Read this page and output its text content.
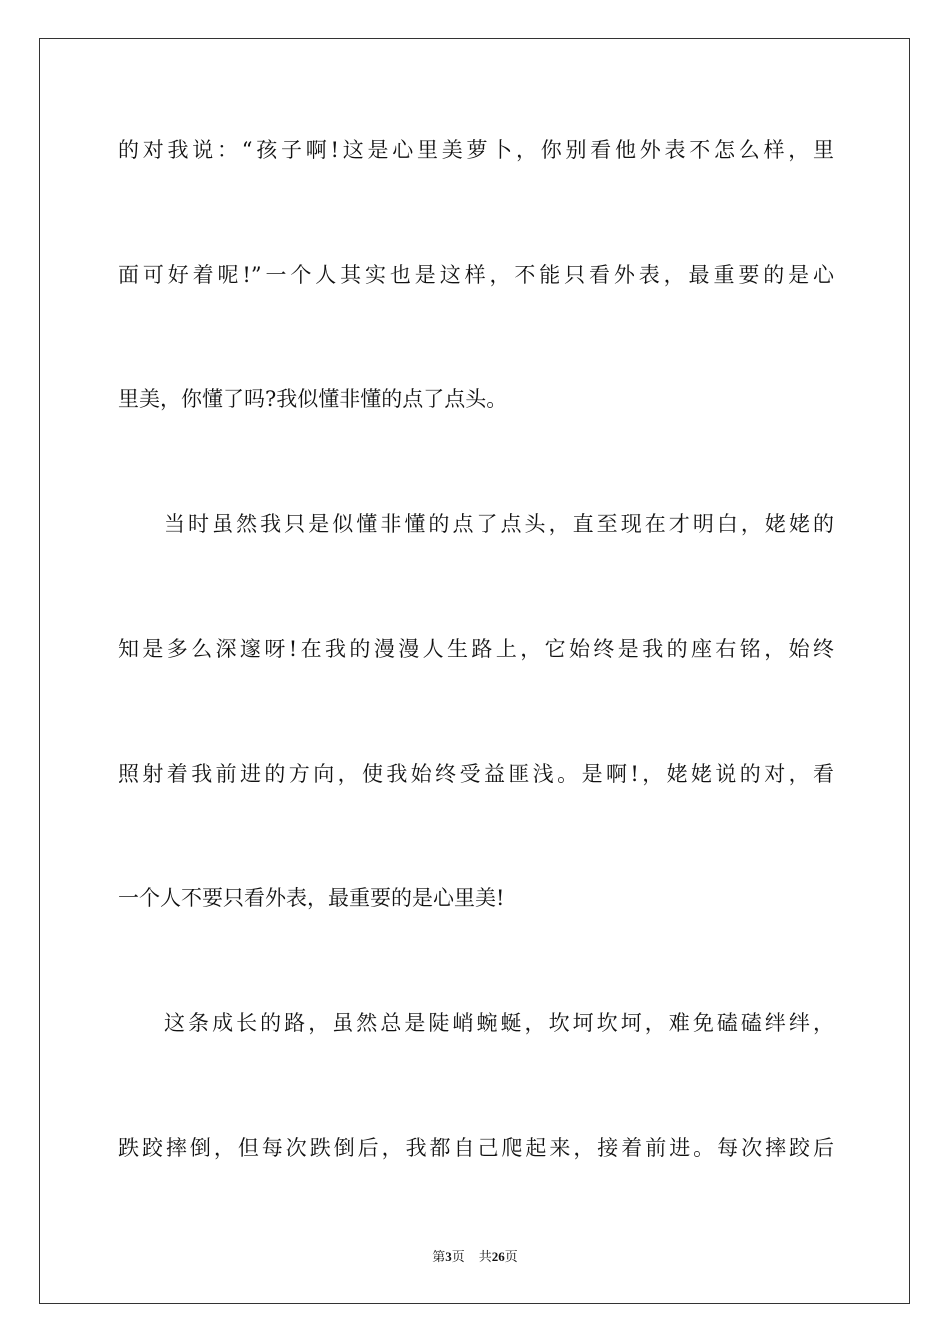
的对我说：“孩子啊!这是心里美萝卜，你别看他外表不怎么样，里
面可好着呢!”一个人其实也是这样，不能只看外表，最重要的是心
里美，你懂了吗?我似懂非懂的点了点头。
当时虽然我只是似懂非懂的点了点头，直至现在才明白，姥姥的
知是多么深邃呀!在我的漫漫人生路上，它始终是我的座右铭，始终
照射着我前进的方向，使我始终受益匪浅。是啊!，姥姥说的对，看
一个人不要只看外表，最重要的是心里美!
这条成长的路，虽然总是陡峭蜿蜒，坎坷坎坷，难免磕磕绊绊，
跌跤摔倒，但每次跌倒后，我都自己爬起来，接着前进。每次摔跤后
第3页 共26页
